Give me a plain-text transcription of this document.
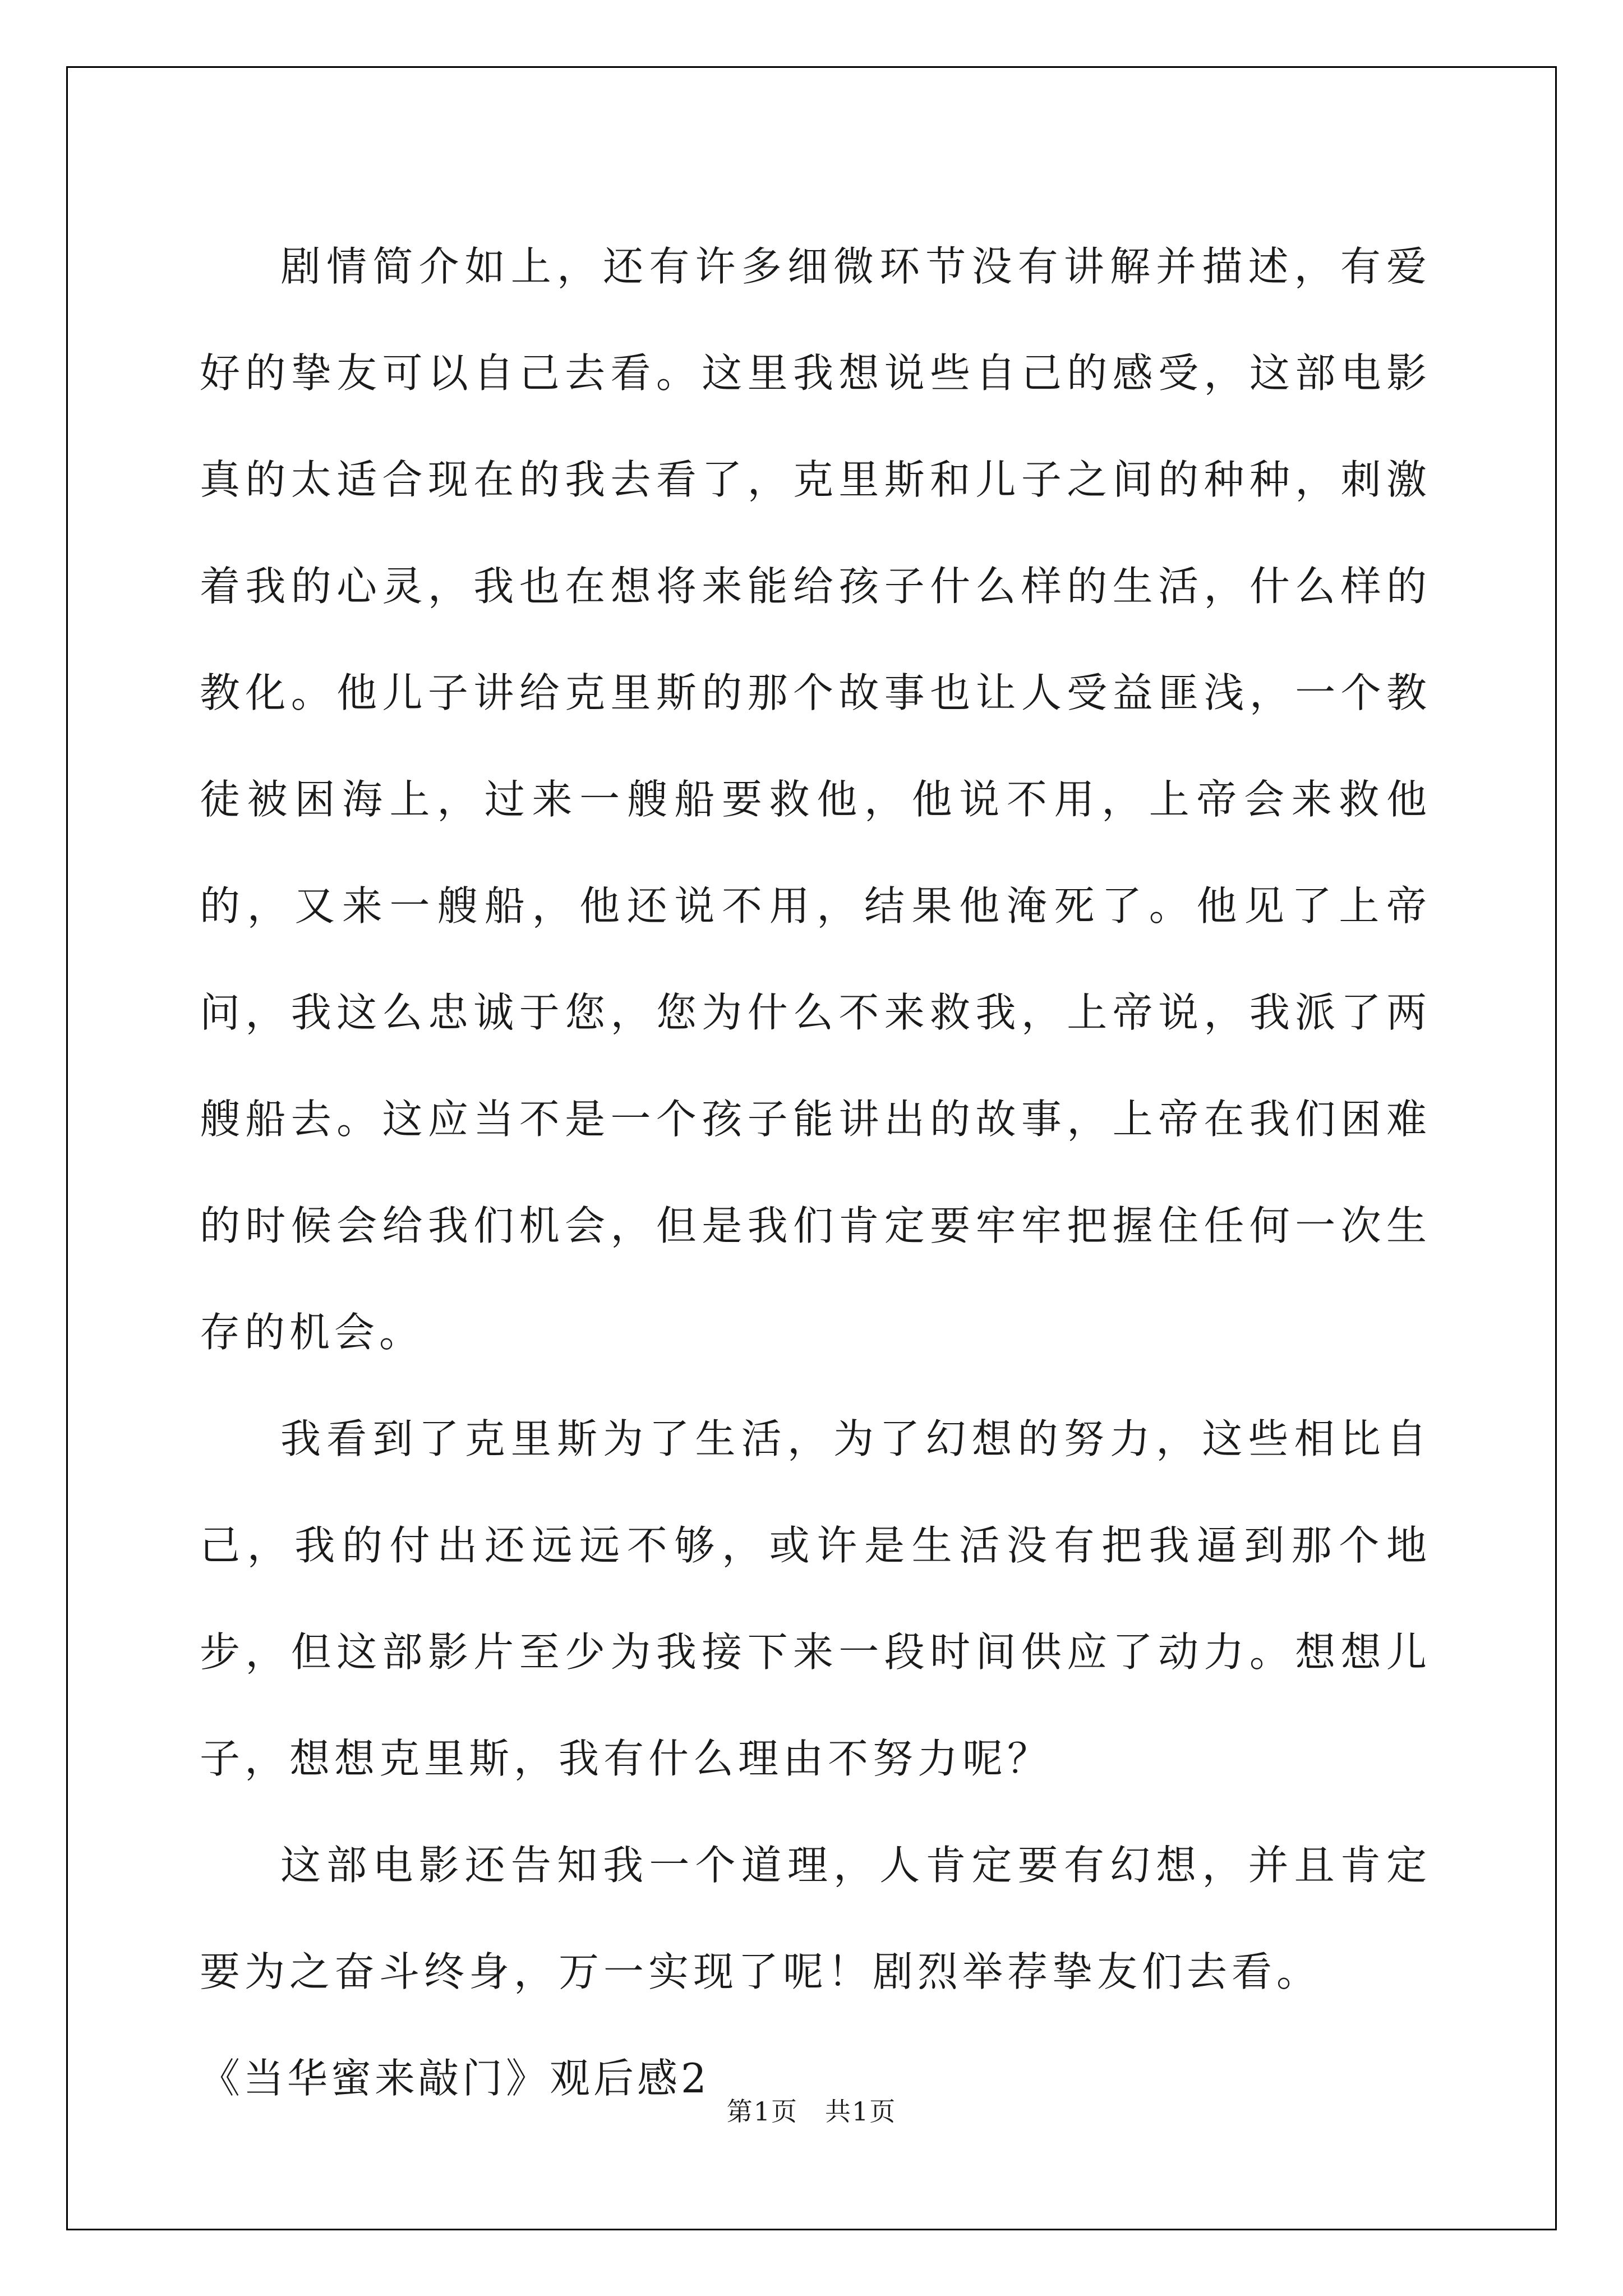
剧情简介如上，还有许多细微环节没有讲解并描述，有爱好的挚友可以自己去看。这里我想说些自己的感受，这部电影真的太适合现在的我去看了，克里斯和儿子之间的种种，刺激着我的心灵，我也在想将来能给孩子什么样的生活，什么样的教化。他儿子讲给克里斯的那个故事也让人受益匪浅，一个教徒被困海上，过来一艘船要救他，他说不用，上帝会来救他的，又来一艘船，他还说不用，结果他淹死了。他见了上帝问，我这么忠诚于您，您为什么不来救我，上帝说，我派了两艘船去。这应当不是一个孩子能讲出的故事，上帝在我们困难的时候会给我们机会，但是我们肯定要牢牢把握住任何一次生存的机会。

我看到了克里斯为了生活，为了幻想的努力，这些相比自己，我的付出还远远不够，或许是生活没有把我逼到那个地步，但这部影片至少为我接下来一段时间供应了动力。想想儿子，想想克里斯，我有什么理由不努力呢？

这部电影还告知我一个道理，人肯定要有幻想，并且肯定要为之奋斗终身，万一实现了呢！剧烈举荐挚友们去看。

《当华蜜来敲门》观后感2

第1页　共1页
